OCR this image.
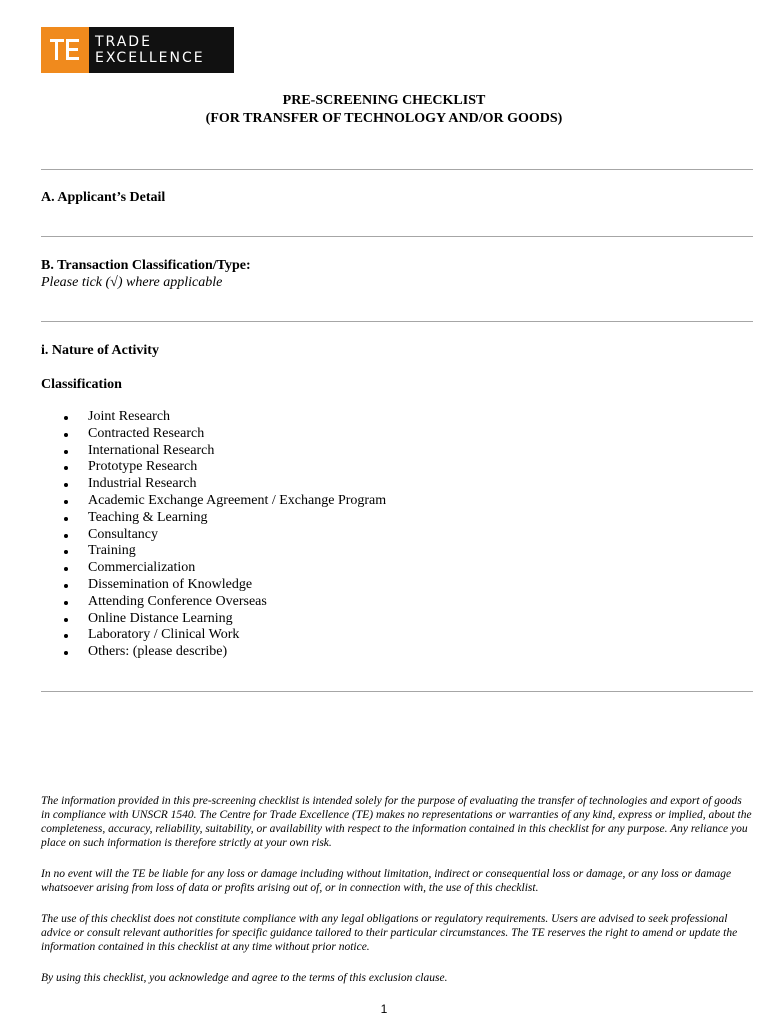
TRADE
EXCELLENCE
PRE-SCREENING CHECKLIST
(FOR TRANSFER OF TECHNOLOGY AND/OR GOODS)
A. Applicant’s Detail
B. Transaction Classification/Type:
Please tick (√) where applicable
i. Nature of Activity
Classification
Joint Research
Contracted Research
International Research
Prototype Research
Industrial Research
Academic Exchange Agreement / Exchange Program
Teaching & Learning
Consultancy
Training
Commercialization
Dissemination of Knowledge
Attending Conference Overseas
Online Distance Learning
Laboratory / Clinical Work
Others: (please describe)
The information provided in this pre-screening checklist is intended solely for the purpose of evaluating the transfer of technologies and export of goods in compliance with UNSCR 1540. The Centre for Trade Excellence (TE) makes no representations or warranties of any kind, express or implied, about the completeness, accuracy, reliability, suitability, or availability with respect to the information contained in this checklist for any purpose. Any reliance you place on such information is therefore strictly at your own risk.
In no event will the TE be liable for any loss or damage including without limitation, indirect or consequential loss or damage, or any loss or damage whatsoever arising from loss of data or profits arising out of, or in connection with, the use of this checklist.
The use of this checklist does not constitute compliance with any legal obligations or regulatory requirements. Users are advised to seek professional advice or consult relevant authorities for specific guidance tailored to their particular circumstances. The TE reserves the right to amend or update the information contained in this checklist at any time without prior notice.
By using this checklist, you acknowledge and agree to the terms of this exclusion clause.
1
